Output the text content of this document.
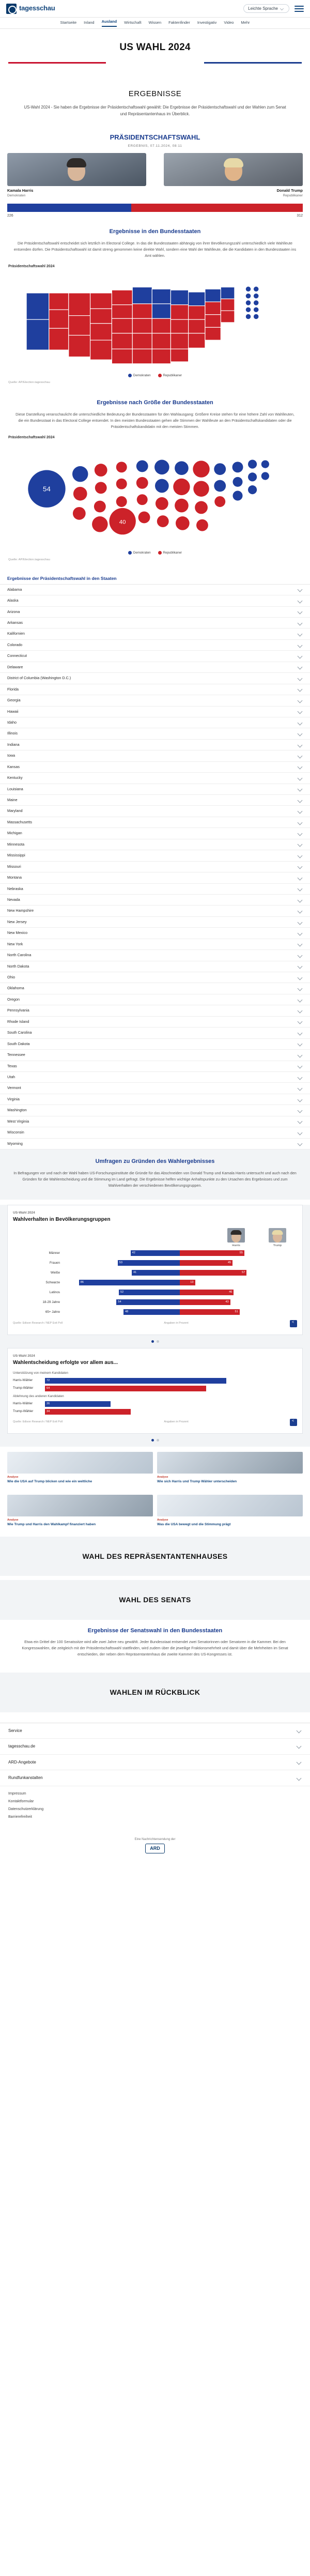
tagesschau	Leichte Sprache
Startseite Inland Ausland Wirtschaft Wissen Faktenfinder Investigativ Video Mehr
US WAHL 2024
ERGEBNISSE
US-Wahl 2024 - Sie haben die Ergebnisse der Präsidentschaftswahl gewählt: Die Ergebnisse der Präsidentschaftswahl und der Wahlen zum Senat und Repräsentantenhaus im Überblick.
PRÄSIDENTSCHAFTSWAHL
ERGEBNIS, 07.11.2024, 08:11
Kamala Harris
Demokraten
Donald Trump
Republikaner
226	312
Ergebnisse in den Bundesstaaten

Die Präsidentschaftswahl entscheidet sich letztlich im Electoral College. In das die Bundesstaaten abhängig von ihrer Bevölkerungszahl unterschiedlich viele Wahlleute entsenden dürfen. Die Präsidentschaftswahl ist damit streng genommen keine direkte Wahl, sondern eine Wahl der Wahlleute, die die Kandidaten in den Bundesstaaten ins Amt wählen.

Präsidentschaftswahl 2024
Demokraten	Republikaner
Quelle: AP/Election.tagesschau
Ergebnisse nach Größe der Bundesstaaten

Diese Darstellung veranschaulicht die unterschiedliche Bedeutung der Bundesstaaten für den Wahlausgang: Größere Kreise stehen für eine höhere Zahl von Wahlleuten, die ein Bundesstaat in das Electoral College entsendet. In den meisten Bundesstaaten gehen alle Stimmen der Wahlleute an den Präsidentschaftskandidaten oder die Präsidentschaftskandidatin mit den meisten Stimmen.

Präsidentschaftswahl 2024
54
40
Demokraten	Republikaner
Quelle: AP/Election.tagesschau
Ergebnisse der Präsidentschaftswahl in den Staaten
Alabama
Alaska
Arizona
Arkansas
Kalifornien
Colorado
Connecticut
Delaware
District of Columbia (Washington D.C.)
Florida
Georgia
Hawaii
Idaho
Illinois
Indiana
Iowa
Kansas
Kentucky
Louisiana
Maine
Maryland
Massachusetts
Michigan
Minnesota
Mississippi
Missouri
Montana
Nebraska
Nevada
New Hampshire
New Jersey
New Mexico
New York
North Carolina
North Dakota
Ohio
Oklahoma
Oregon
Pennsylvania
Rhode Island
South Carolina
South Dakota
Tennessee
Texas
Utah
Vermont
Virginia
Washington
West Virginia
Wisconsin
Wyoming
Umfragen zu Gründen des Wahlergebnisses

In Befragungen vor und nach der Wahl haben US-Forschungsinstitute die Gründe für das Abschneiden von Donald Trump und Kamala Harris untersucht und auch nach den Gründen für die Wahlentscheidung und die Stimmung im Land gefragt. Die Ergebnisse helfen wichtige Anhaltspunkte zu den Ursachen des Ergebnisses und zum Wahlverhalten der verschiedenen Bevölkerungsgruppen.

US-Wahl 2024
Wahlverhalten in Bevölkerungsgruppen
Harris	Trump
Männer	42	55
Frauen	53	45
Weiße	41	57
Schwarze	86	13
Latinos	52	46
18-29 Jahre	54	43
65+ Jahre	48	51
Quelle: Edison Research / NEP Exit Poll	Angaben in Prozent
<
US-Wahl 2024
Wahlentscheidung erfolgte vor allem aus...
Unterstützung von meinem Kandidaten
Harris-Wähler	72
Trump-Wähler	64
Ablehnung des anderen Kandidaten
Harris-Wähler	26
Trump-Wähler	34
Quelle: Edison Research / NEP Exit Poll	Angaben in Prozent
<
Analyse
Wie die USA auf Trump blicken und wie ein weltliche
Analyse
Wie sich Harris und Trump Wähler unterscheiden
Analyse
Wie Trump und Harris den Wahlkampf finanziert haben
Analyse
Was die USA bewegt und die Stimmung prägt
WAHL DES REPRÄSENTANTENHAUSES
WAHL DES SENATS
Ergebnisse der Senatswahl in den Bundesstaaten

Etwa ein Drittel der 100 Senatssitze wird alle zwei Jahre neu gewählt. Jeder Bundesstaat entsendet zwei Senatorinnen oder Senatoren in die Kammer. Bei den Kongresswahlen, die zeitgleich mit der Präsidentschaftswahl stattfinden, wird zudem über die jeweilige Fraktionsmehrheit und damit über die Mehrheiten im Senat entschieden, der neben dem Repräsentantenhaus die zweite Kammer des US-Kongresses ist.

WAHLEN IM RÜCKBLICK
Service
tagesschau.de
ARD-Angebote
Rundfunkanstalten
Impressum
Kontaktformular
Datenschutzerklärung
Barrierefreiheit
Eine Nachrichtensendung der
ARD
